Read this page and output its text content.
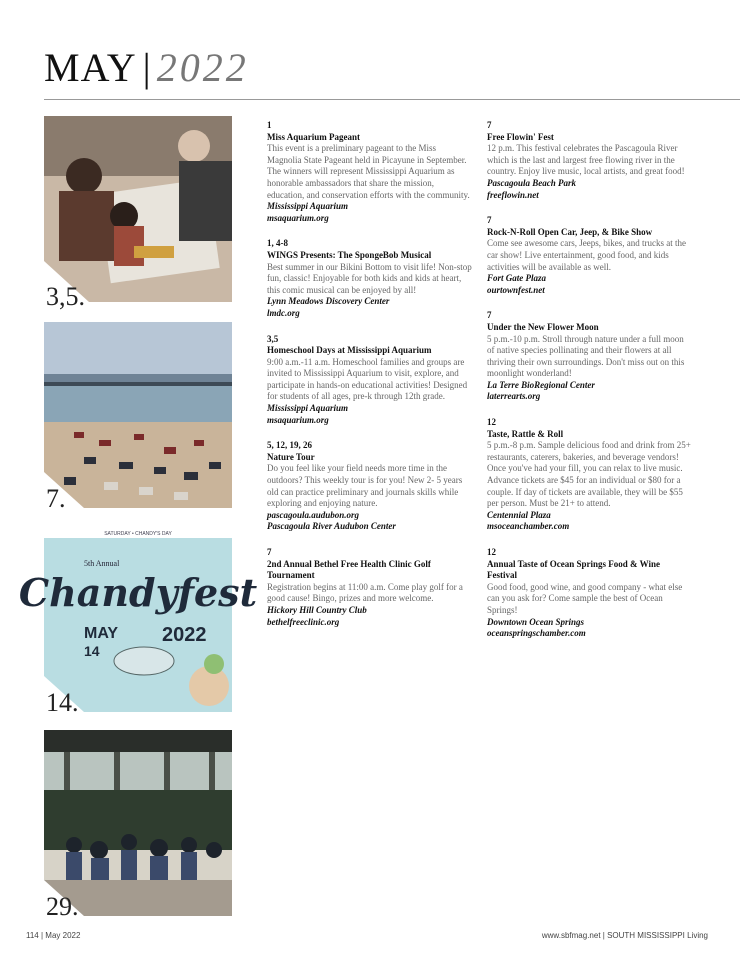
MAY | 2022
3,5.
7.
SATURDAY • CHANDY'S DAY
5th Annual
Chandyfest
MAY
14
2022
14.
29.
1
Miss Aquarium Pageant
This event is a preliminary pageant to the Miss Magnolia State Pageant held in Picayune in September. The winners will represent Mississippi Aquarium as honorable ambassadors that share the mission, education, and conservation efforts with the community.
Mississippi Aquarium
msaquarium.org
1, 4-8
WINGS Presents: The SpongeBob Musical
Best summer in our Bikini Bottom to visit life! Non-stop fun, classic! Enjoyable for both kids and kids at heart, this comic musical can be enjoyed by all!
Lynn Meadows Discovery Center
lmdc.org
3,5
Homeschool Days at Mississippi Aquarium
9:00 a.m.-11 a.m. Homeschool families and groups are invited to Mississippi Aquarium to visit, explore, and participate in hands-on educational activities! Designed for students of all ages, pre-k through 12th grade.
Mississippi Aquarium
msaquarium.org
5, 12, 19, 26
Nature Tour
Do you feel like your field needs more time in the outdoors? This weekly tour is for you! New 2- 5 years old can practice preliminary and journals skills while exploring and enjoying nature.
pascagoula.audubon.org
Pascagoula River Audubon Center
7
2nd Annual Bethel Free Health Clinic Golf Tournament
Registration begins at 11:00 a.m. Come play golf for a good cause! Bingo, prizes and more welcome.
Hickory Hill Country Club
bethelfreeclinic.org
7
Free Flowin' Fest
12 p.m. This festival celebrates the Pascagoula River which is the last and largest free flowing river in the country. Enjoy live music, local artists, and great food!
Pascagoula Beach Park
freeflowin.net
7
Rock-N-Roll Open Car, Jeep, & Bike Show
Come see awesome cars, Jeeps, bikes, and trucks at the car show! Live entertainment, good food, and kids activities will be available as well.
Fort Gate Plaza
ourtownfest.net
7
Under the New Flower Moon
5 p.m.-10 p.m. Stroll through nature under a full moon of native species pollinating and their flowers at all thriving their own surroundings. Don't miss out on this moonlight wonderland!
La Terre BioRegional Center
laterrearts.org
12
Taste, Rattle & Roll
5 p.m.-8 p.m. Sample delicious food and drink from 25+ restaurants, caterers, bakeries, and beverage vendors! Once you've had your fill, you can relax to live music. Advance tickets are $45 for an individual or $80 for a couple. If day of tickets are available, they will be $55 per person. Must be 21+ to attend.
Centennial Plaza
msoceanchamber.com
12
Annual Taste of Ocean Springs Food & Wine Festival
Good food, good wine, and good company - what else can you ask for? Come sample the best of Ocean Springs!
Downtown Ocean Springs
oceanspringschamber.com
114 | May 2022	www.sbfmag.net | SOUTH MISSISSIPPI Living
